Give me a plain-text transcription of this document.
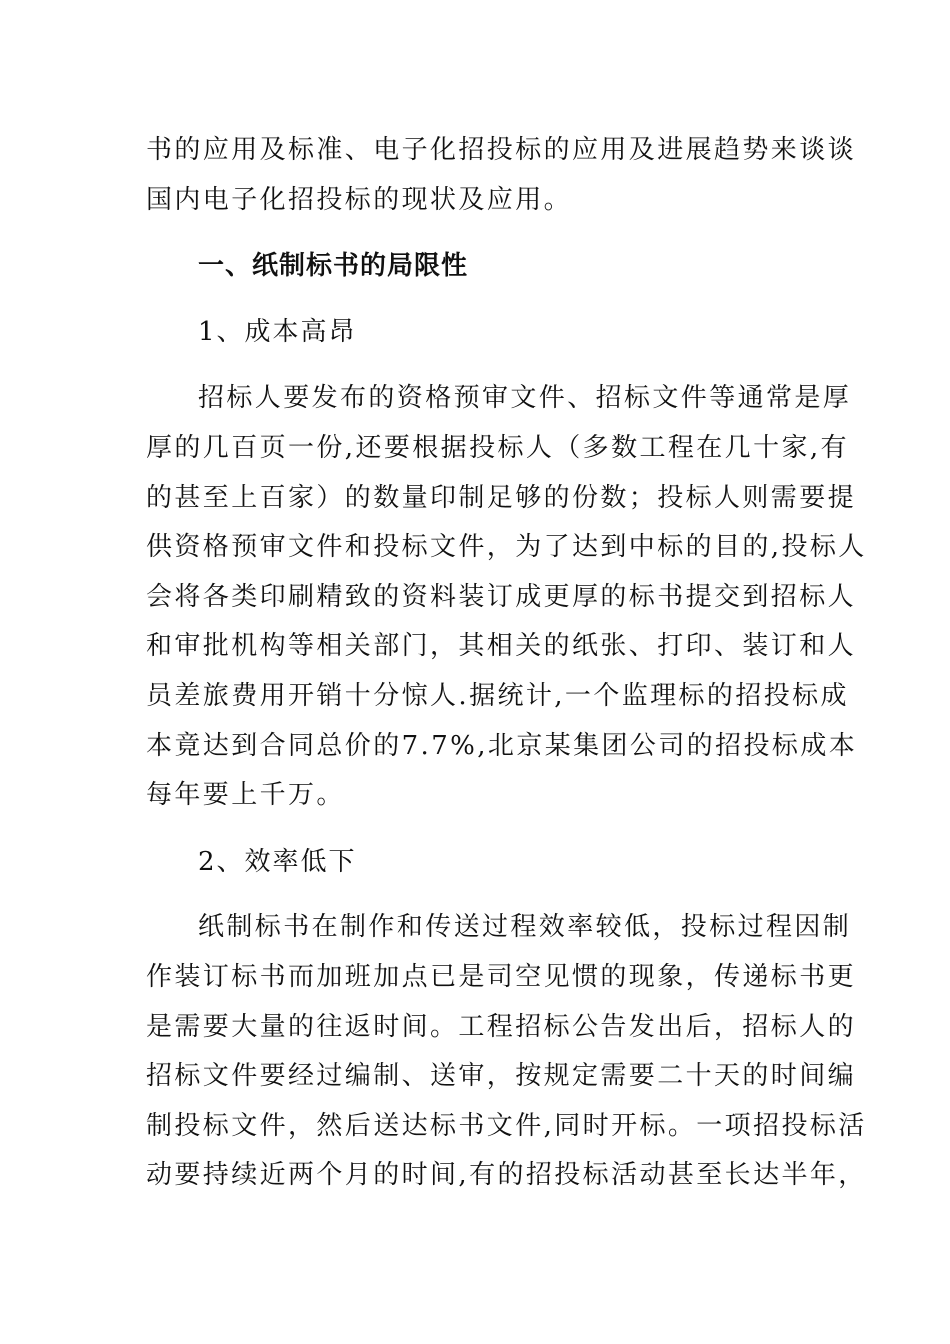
书的应用及标准、电子化招投标的应用及进展趋势来谈谈
国内电子化招投标的现状及应用。
一、纸制标书的局限性
1、成本高昂
招标人要发布的资格预审文件、招标文件等通常是厚
厚的几百页一份,还要根据投标人（多数工程在几十家,有
的甚至上百家）的数量印制足够的份数；投标人则需要提
供资格预审文件和投标文件，为了达到中标的目的,投标人
会将各类印刷精致的资料装订成更厚的标书提交到招标人
和审批机构等相关部门，其相关的纸张、打印、装订和人
员差旅费用开销十分惊人.据统计,一个监理标的招投标成
本竟达到合同总价的7.7%,北京某集团公司的招投标成本
每年要上千万。
2、效率低下
纸制标书在制作和传送过程效率较低，投标过程因制
作装订标书而加班加点已是司空见惯的现象，传递标书更
是需要大量的往返时间。工程招标公告发出后，招标人的
招标文件要经过编制、送审，按规定需要二十天的时间编
制投标文件，然后送达标书文件,同时开标。一项招投标活
动要持续近两个月的时间,有的招投标活动甚至长达半年，
